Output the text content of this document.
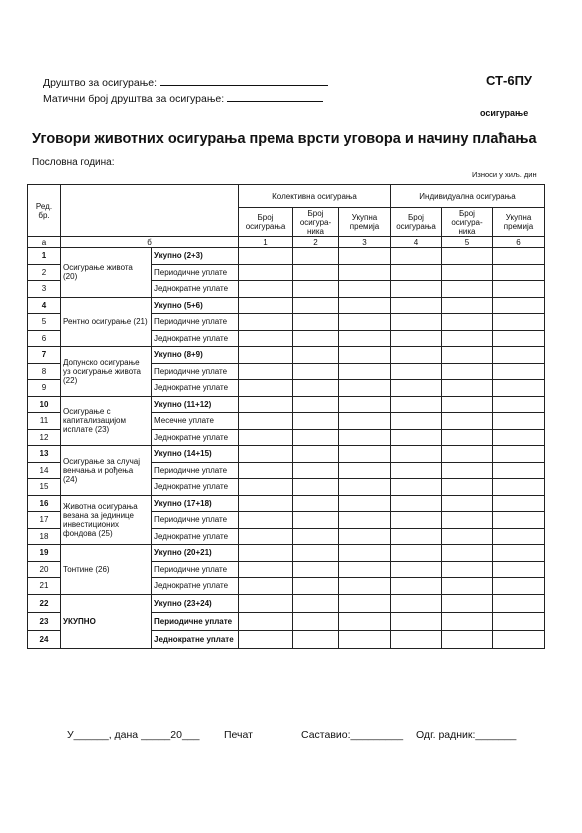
Друштво за осигурање:
Матични број друштва за осигурање:
СТ-6ПУ
осигурање
Уговори животних осигурања према врсти уговора и начину плаћања
Пословна година:
Износи у хиљ. дин
Ред. бр.			Колективна осигурања			Индивидуална осигурања		
			Број осигурања	Број осигура-ника	Укупна премија	Број осигурања	Број осигура-ника	Укупна премија
а	б		1	2	3	4	5	6
1	Осигурање живота (20)	Укупно (2+3)						
2		Периодичне уплате						
3		Једнократне уплате						
4	Рентно осигурање (21)	Укупно (5+6)						
5		Периодичне уплате						
6		Једнократне уплате						
7	Допунско осигурање уз осигурање живота (22)	Укупно (8+9)						
8		Периодичне уплате						
9		Једнократне уплате						
10	Осигурање с капитализацијом исплате (23)	Укупно (11+12)						
11		Месечне уплате						
12		Једнократне уплате						
13	Осигурање за случај венчања и рођења (24)	Укупно (14+15)						
14		Периодичне уплате						
15		Једнократне уплате						
16	Животна осигурања везана за јединице инвестиционих фондова (25)	Укупно (17+18)						
17		Периодичне уплате						
18		Једнократне уплате						
19	Тонтине (26)	Укупно (20+21)						
20		Периодичне уплате						
21		Једнократне уплате						
22	УКУПНО	Укупно (23+24)						
23		Периодичне уплате						
24		Једнократне уплате						
У______, дана _____20___ Печат	Саставио:_________ Одг. радник:_______
